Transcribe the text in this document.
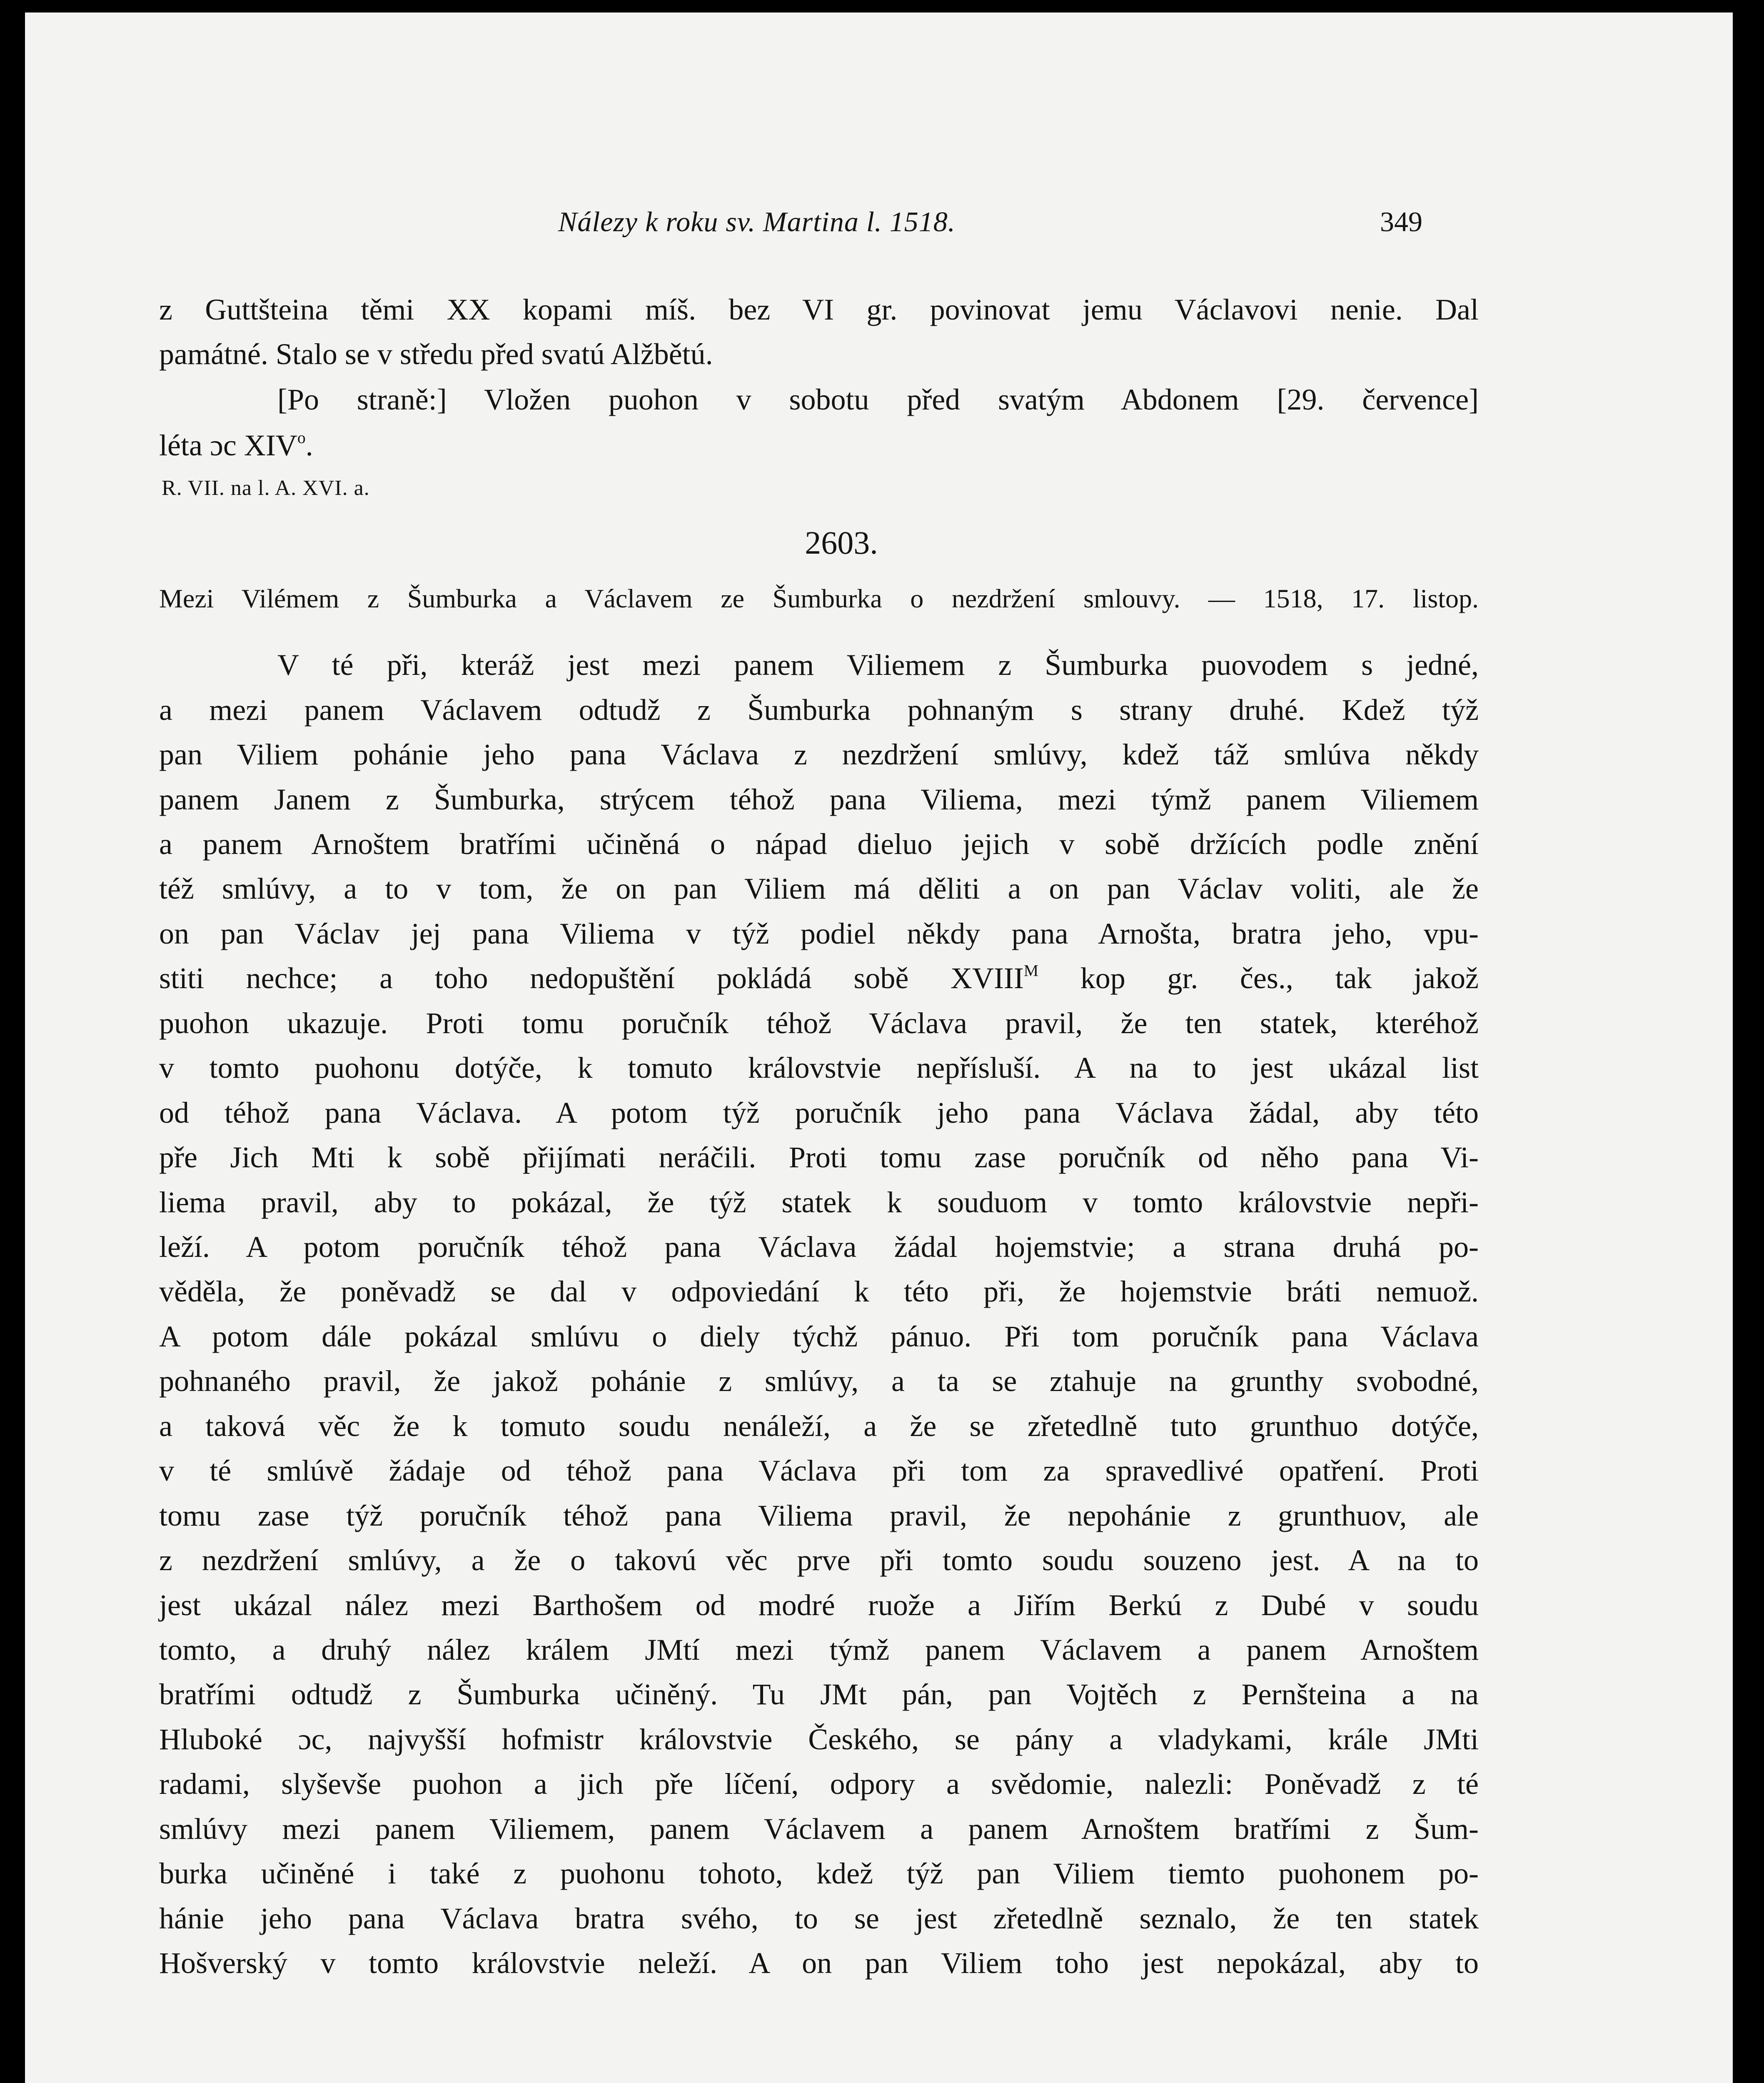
Nálezy k roku sv. Martina l. 1518.	349
z Guttšteina těmi XX kopami míš. bez VI gr. povinovat jemu Václavovi nenie. Dal
památné. Stalo se v středu před svatú Alžbětú.
[Po straně:] Vložen puohon v sobotu před svatým Abdonem [29. července]
léta ɔc XIV$^o$.
R. VII. na l. A. XVI. a.
2603.
Mezi Vilémem z Šumburka a Václavem ze Šumburka o nezdržení smlouvy. — 1518, 17. listop.
V té při, kteráž jest mezi panem Viliemem z Šumburka puovodem s jedné,
a mezi panem Václavem odtudž z Šumburka pohnaným s strany druhé. Kdež týž
pan Viliem pohánie jeho pana Václava z nezdržení smlúvy, kdež táž smlúva někdy
panem Janem z Šumburka, strýcem téhož pana Viliema, mezi týmž panem Viliemem
a panem Arnoštem bratřími učiněná o nápad dieluo jejich v sobě držících podle znění
též smlúvy, a to v tom, že on pan Viliem má děliti a on pan Václav voliti, ale že
on pan Václav jej pana Viliema v týž podiel někdy pana Arnošta, bratra jeho, vpu-
stiti nechce; a toho nedopuštění pokládá sobě $XVIII^M$ kop gr. čes., tak jakož
puohon ukazuje. Proti tomu poručník téhož Václava pravil, že ten statek, kteréhož
v tomto puohonu dotýče, k tomuto královstvie nepřísluší. A na to jest ukázal list
od téhož pana Václava. A potom týž poručník jeho pana Václava žádal, aby této
pře Jich Mti k sobě přijímati neráčili. Proti tomu zase poručník od něho pana Vi-
liema pravil, aby to pokázal, že týž statek k souduom v tomto královstvie nepři-
leží. A potom poručník téhož pana Václava žádal hojemstvie; a strana druhá po-
věděla, že poněvadž se dal v odpoviedání k této při, že hojemstvie bráti nemuož.
A potom dále pokázal smlúvu o diely týchž pánuo. Při tom poručník pana Václava
pohnaného pravil, že jakož pohánie z smlúvy, a ta se ztahuje na grunthy svobodné,
a taková věc že k tomuto soudu nenáleží, a že se zřetedlně tuto grunthuo dotýče,
v té smlúvě žádaje od téhož pana Václava při tom za spravedlivé opatření. Proti
tomu zase týž poručník téhož pana Viliema pravil, že nepohánie z grunthuov, ale
z nezdržení smlúvy, a že o takovú věc prve při tomto soudu souzeno jest. A na to
jest ukázal nález mezi Barthošem od modré ruože a Jiřím Berkú z Dubé v soudu
tomto, a druhý nález králem JMtí mezi týmž panem Václavem a panem Arnoštem
bratřími odtudž z Šumburka učiněný. Tu JMt pán, pan Vojtěch z Pernšteina a na
Hluboké ɔc, najvyšší hofmistr královstvie Českého, se pány a vladykami, krále JMti
radami, slyševše puohon a jich pře líčení, odpory a svědomie, nalezli: Poněvadž z té
smlúvy mezi panem Viliemem, panem Václavem a panem Arnoštem bratřími z Šum-
burka učiněné i také z puohonu tohoto, kdež týž pan Viliem tiemto puohonem po-
hánie jeho pana Václava bratra svého, to se jest zřetedlně seznalo, že ten statek
Hošverský v tomto královstvie neleží. A on pan Viliem toho jest nepokázal, aby to
